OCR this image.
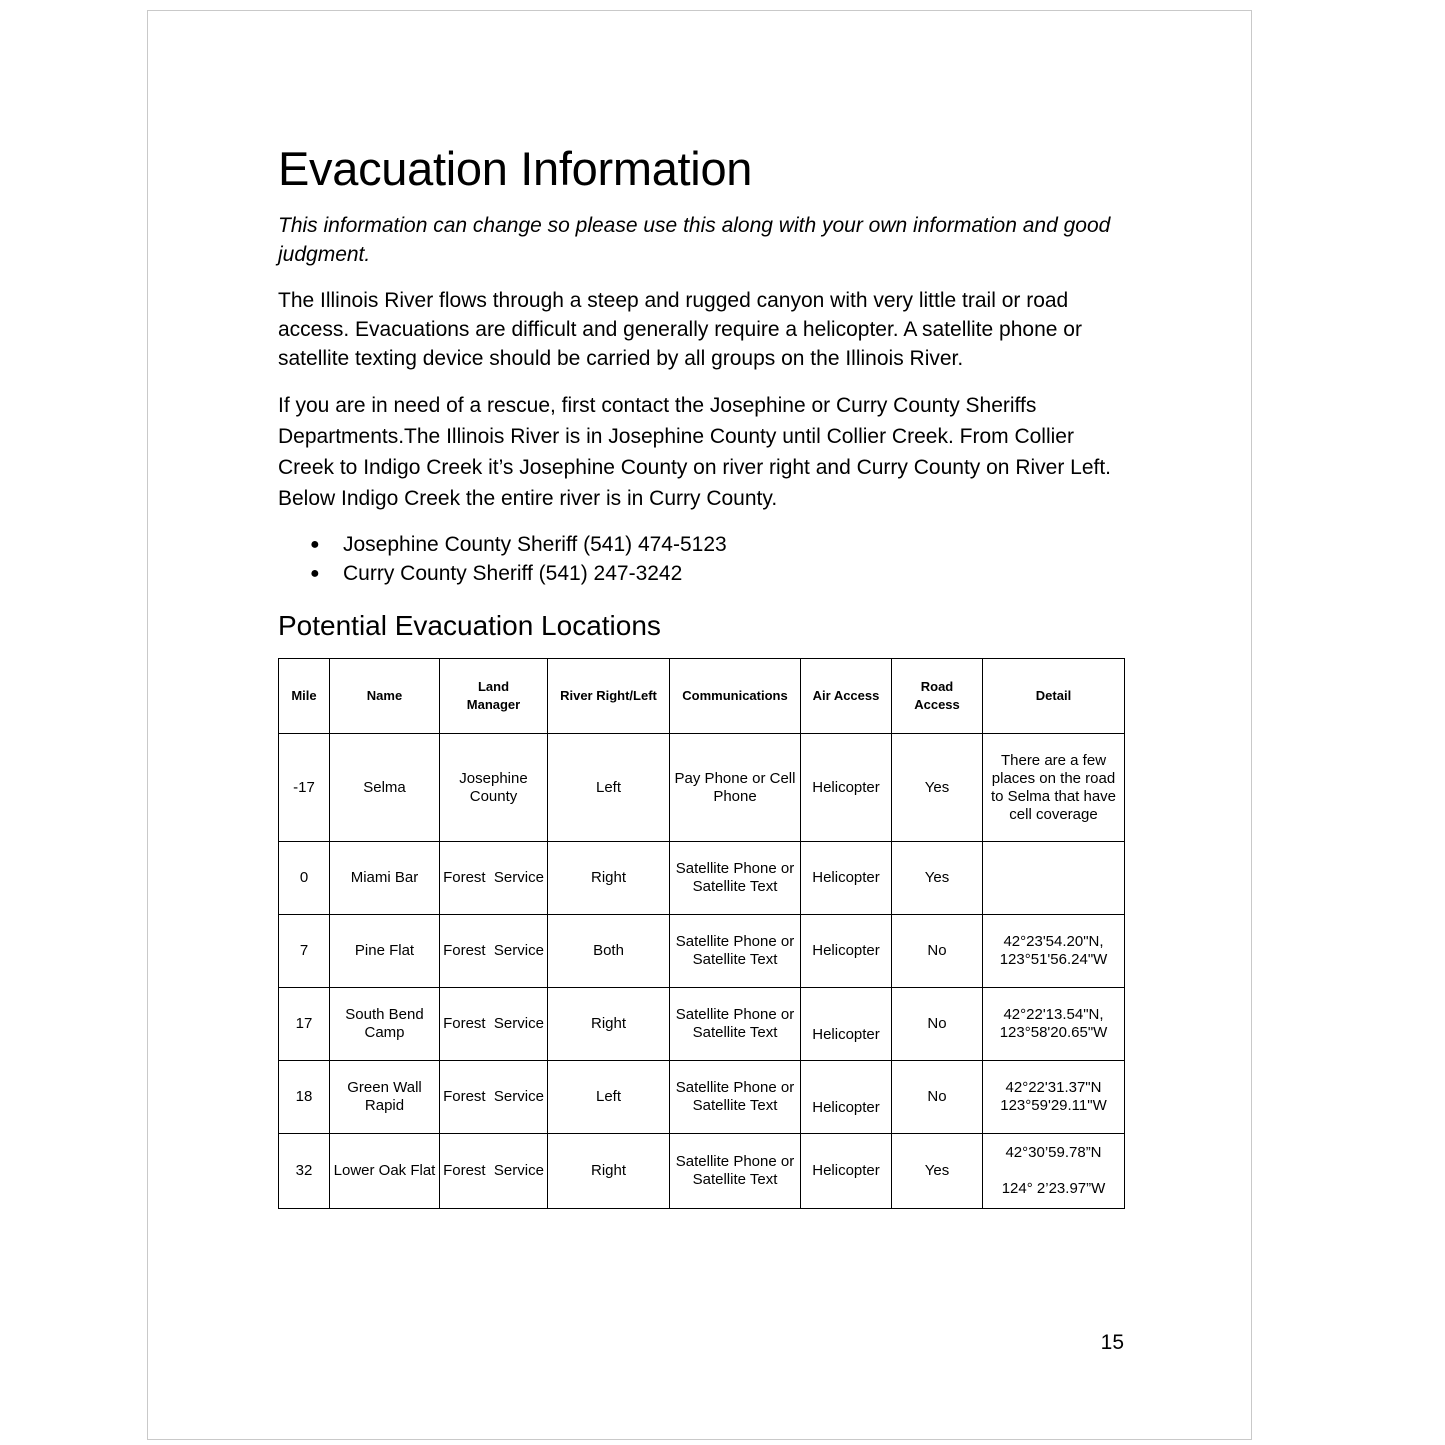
Evacuation Information

This information can change so please use this along with your own information and good judgment.

The Illinois River flows through a steep and rugged canyon with very little trail or road access. Evacuations are difficult and generally require a helicopter. A satellite phone or satellite texting device should be carried by all groups on the Illinois River.

If you are in need of a rescue, first contact the Josephine or Curry County Sheriffs Departments.The Illinois River is in Josephine County until Collier Creek. From Collier Creek to Indigo Creek it’s Josephine County on river right and Curry County on River Left. Below Indigo Creek the entire river is in Curry County.

● Josephine County Sheriff (541) 474-5123
● Curry County Sheriff (541) 247-3242
Potential Evacuation Locations
Mile	Name	Land Manager	River Right/Left	Communications	Air Access	Road Access	Detail
-17	Selma	Josephine County	Left	Pay Phone or Cell Phone	Helicopter	Yes	There are a few places on the road to Selma that have cell coverage
0	Miami Bar	Forest  Service	Right	Satellite Phone or Satellite Text	Helicopter	Yes	
7	Pine Flat	Forest  Service	Both	Satellite Phone or Satellite Text	Helicopter	No	42°23'54.20"N,
123°51'56.24"W
17	South Bend Camp	Forest  Service	Right	Satellite Phone or Satellite Text	Helicopter	No	42°22'13.54"N,
123°58'20.65"W
18	Green Wall Rapid	Forest  Service	Left	Satellite Phone or Satellite Text	Helicopter	No	42°22'31.37"N
123°59'29.11"W
32	Lower Oak Flat	Forest  Service	Right	Satellite Phone or Satellite Text	Helicopter	Yes	42°30’59.78”N

124° 2’23.97”W
15
